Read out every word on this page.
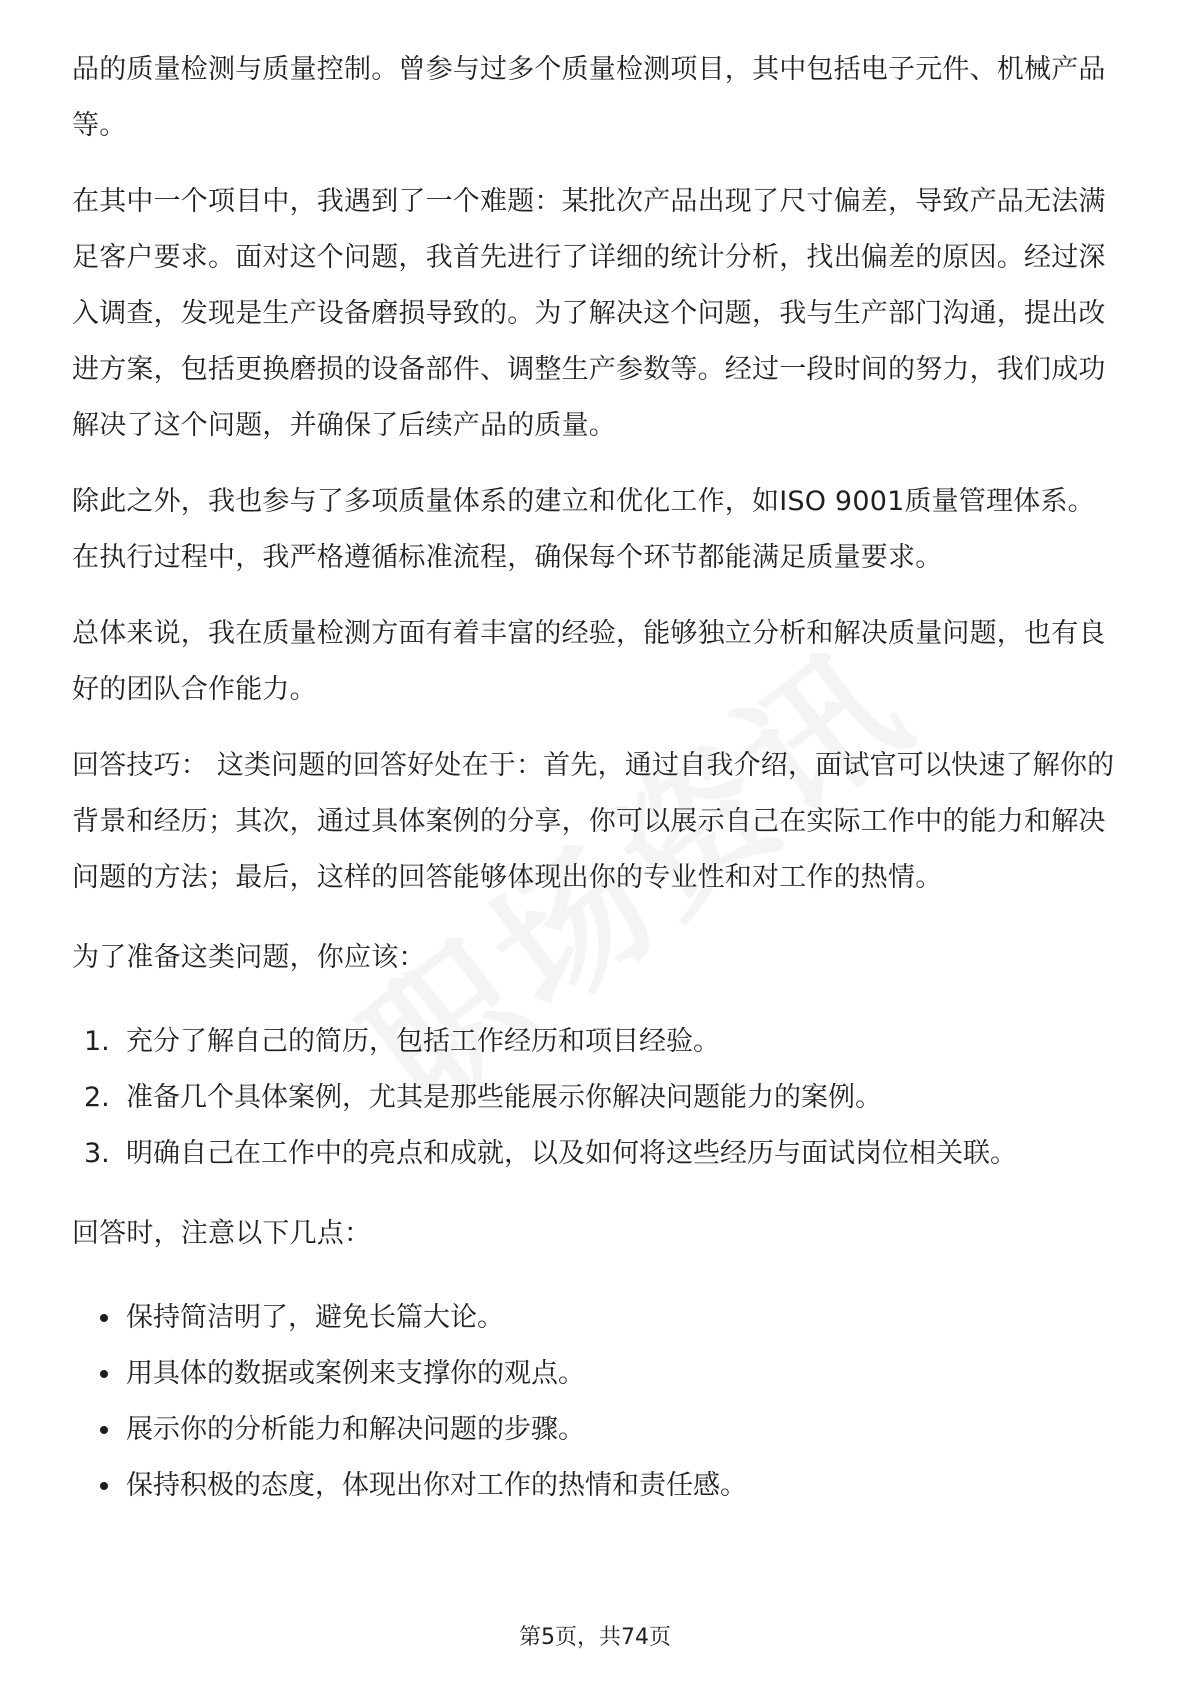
品的质量检测与质量控制。曾参与过多个质量检测项目，其中包括电子元件、机械产品等。

在其中一个项目中，我遇到了一个难题：某批次产品出现了尺寸偏差，导致产品无法满足客户要求。面对这个问题，我首先进行了详细的统计分析，找出偏差的原因。经过深入调查，发现是生产设备磨损导致的。为了解决这个问题，我与生产部门沟通，提出改进方案，包括更换磨损的设备部件、调整生产参数等。经过一段时间的努力，我们成功解决了这个问题，并确保了后续产品的质量。

除此之外，我也参与了多项质量体系的建立和优化工作，如ISO 9001质量管理体系。在执行过程中，我严格遵循标准流程，确保每个环节都能满足质量要求。

总体来说，我在质量检测方面有着丰富的经验，能够独立分析和解决质量问题，也有良好的团队合作能力。

回答技巧： 这类问题的回答好处在于：首先，通过自我介绍，面试官可以快速了解你的背景和经历；其次，通过具体案例的分享，你可以展示自己在实际工作中的能力和解决问题的方法；最后，这样的回答能够体现出你的专业性和对工作的热情。

为了准备这类问题，你应该：

1. 充分了解自己的简历，包括工作经历和项目经验。
2. 准备几个具体案例，尤其是那些能展示你解决问题能力的案例。
3. 明确自己在工作中的亮点和成就，以及如何将这些经历与面试岗位相关联。

回答时，注意以下几点：

保持简洁明了，避免长篇大论。
用具体的数据或案例来支撑你的观点。
展示你的分析能力和解决问题的步骤。
保持积极的态度，体现出你对工作的热情和责任感。
第5页，共74页
